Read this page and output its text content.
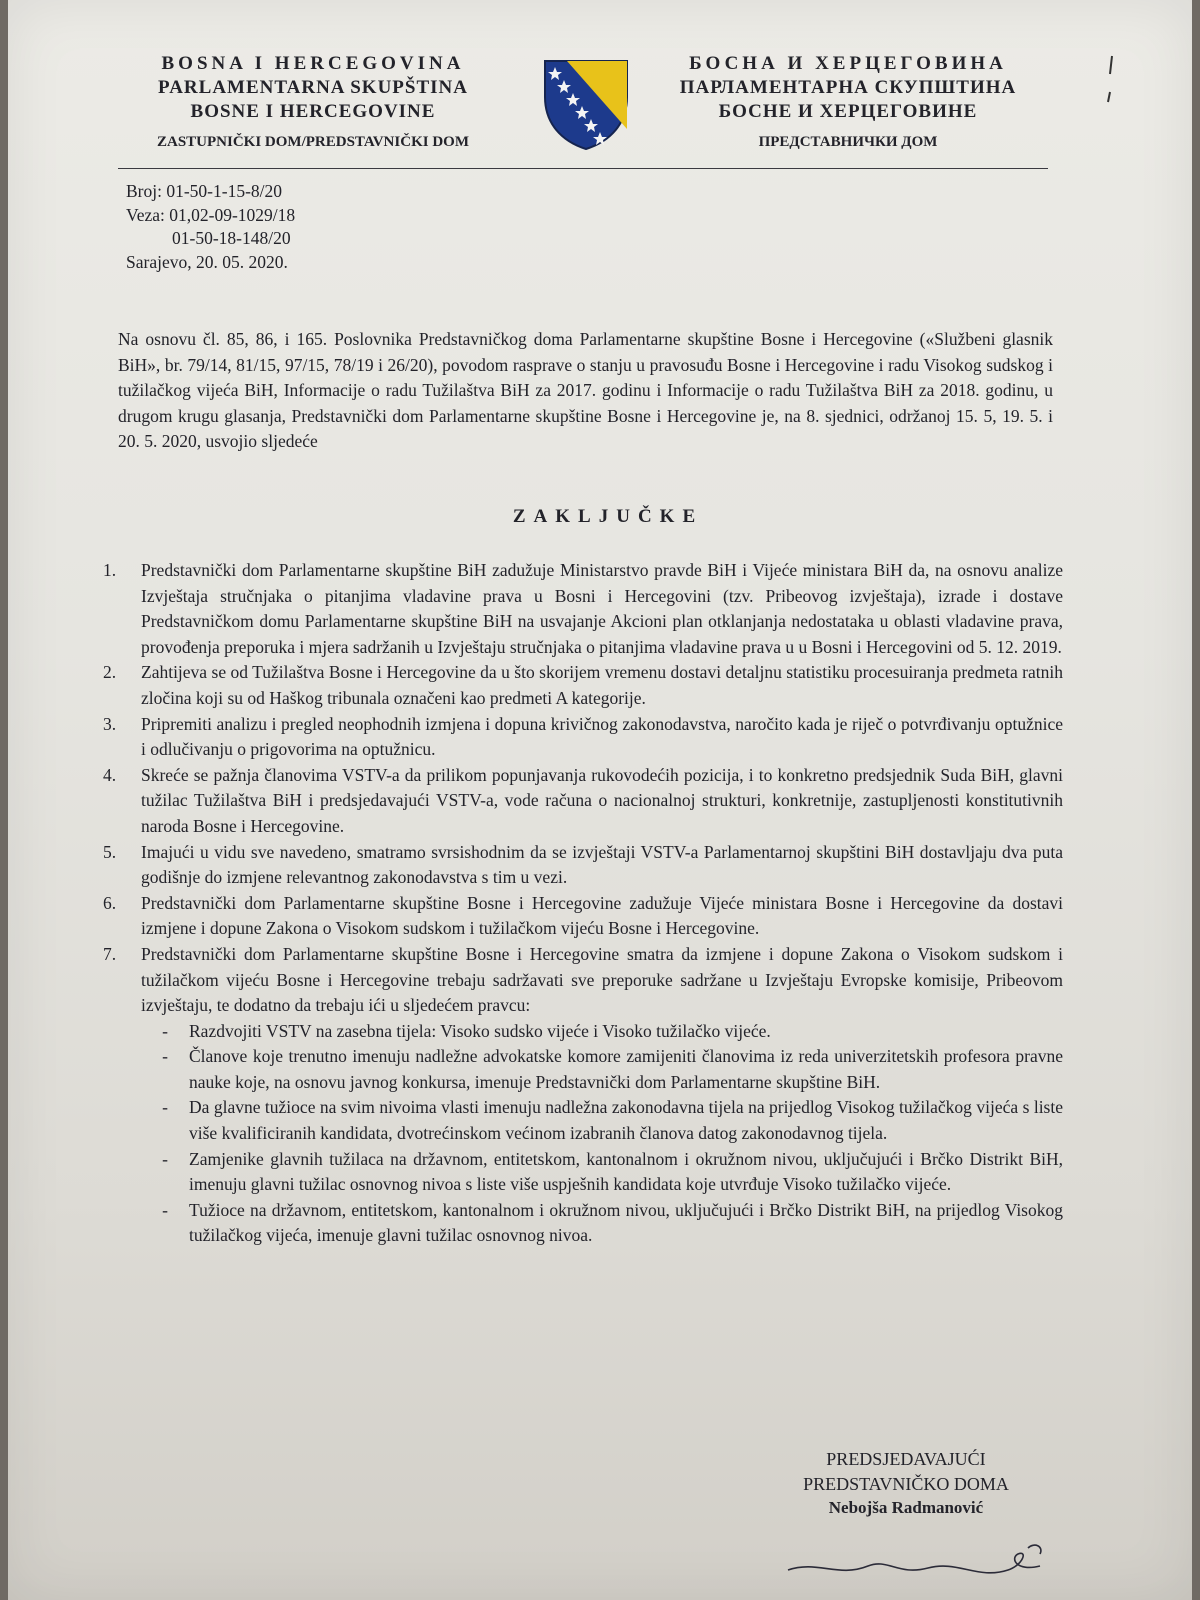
BOSNA I HERCEGOVINA
PARLAMENTARNA SKUPŠTINA
BOSNE I HERCEGOVINE
ZASTUPNIČKI DOM/PREDSTAVNIČKI DOM
БОСНА И ХЕРЦЕГОВИНА
ПАРЛАМЕНТАРНА СКУПШТИНА
БОСНЕ И ХЕРЦЕГОВИНЕ
ПРЕДСТАВНИЧКИ ДОМ
Broj: 01-50-1-15-8/20
Veza: 01,02-09-1029/18
01-50-18-148/20
Sarajevo, 20. 05. 2020.
Na osnovu čl. 85, 86, i 165. Poslovnika Predstavničkog doma Parlamentarne skupštine Bosne i Hercegovine («Službeni glasnik BiH», br. 79/14, 81/15, 97/15, 78/19 i 26/20), povodom rasprave o stanju u pravosuđu Bosne i Hercegovine i radu Visokog sudskog i tužilačkog vijeća BiH, Informacije o radu Tužilaštva BiH za 2017. godinu i Informacije o radu Tužilaštva BiH za 2018. godinu, u drugom krugu glasanja, Predstavnički dom Parlamentarne skupštine Bosne i Hercegovine je, na 8. sjednici, održanoj 15. 5, 19. 5. i 20. 5. 2020, usvojio sljedeće
ZAKLJUČKE
1.	Predstavnički dom Parlamentarne skupštine BiH zadužuje Ministarstvo pravde BiH i Vijeće ministara BiH da, na osnovu analize Izvještaja stručnjaka o pitanjima vladavine prava u Bosni i Hercegovini (tzv. Pribeovog izvještaja), izrade i dostave Predstavničkom domu Parlamentarne skupštine BiH na usvajanje Akcioni plan otklanjanja nedostataka u oblasti vladavine prava, provođenja preporuka i mjera sadržanih u Izvještaju stručnjaka o pitanjima vladavine prava u u Bosni i Hercegovini od 5. 12. 2019.
2.	Zahtijeva se od Tužilaštva Bosne i Hercegovine da u što skorijem vremenu dostavi detaljnu statistiku procesuiranja predmeta ratnih zločina koji su od Haškog tribunala označeni kao predmeti A kategorije.
3.	Pripremiti analizu i pregled neophodnih izmjena i dopuna krivičnog zakonodavstva, naročito kada je riječ o potvrđivanju optužnice i odlučivanju o prigovorima na optužnicu.
4.	Skreće se pažnja članovima VSTV-a da prilikom popunjavanja rukovodećih pozicija, i to konkretno predsjednik Suda BiH, glavni tužilac Tužilaštva BiH i predsjedavajući VSTV-a, vode računa o nacionalnoj strukturi, konkretnije, zastupljenosti konstitutivnih naroda Bosne i Hercegovine.
5.	Imajući u vidu sve navedeno, smatramo svrsishodnim da se izvještaji VSTV-a Parlamentarnoj skupštini BiH dostavljaju dva puta godišnje do izmjene relevantnog zakonodavstva s tim u vezi.
6.	Predstavnički dom Parlamentarne skupštine Bosne i Hercegovine zadužuje Vijeće ministara Bosne i Hercegovine da dostavi izmjene i dopune Zakona o Visokom sudskom i tužilačkom vijeću Bosne i Hercegovine.
7.	Predstavnički dom Parlamentarne skupštine Bosne i Hercegovine smatra da izmjene i dopune Zakona o Visokom sudskom i tužilačkom vijeću Bosne i Hercegovine trebaju sadržavati sve preporuke sadržane u Izvještaju Evropske komisije, Pribeovom izvještaju, te dodatno da trebaju ići u sljedećem pravcu:
-	Razdvojiti VSTV na zasebna tijela: Visoko sudsko vijeće i Visoko tužilačko vijeće.
-	Članove koje trenutno imenuju nadležne advokatske komore zamijeniti članovima iz reda univerzitetskih profesora pravne nauke koje, na osnovu javnog konkursa, imenuje Predstavnički dom Parlamentarne skupštine BiH.
-	Da glavne tužioce na svim nivoima vlasti imenuju nadležna zakonodavna tijela na prijedlog Visokog tužilačkog vijeća s liste više kvalificiranih kandidata, dvotrećinskom većinom izabranih članova datog zakonodavnog tijela.
-	Zamjenike glavnih tužilaca na državnom, entitetskom, kantonalnom i okružnom nivou, uključujući i Brčko Distrikt BiH, imenuju glavni tužilac osnovnog nivoa s liste više uspješnih kandidata koje utvrđuje Visoko tužilačko vijeće.
-	Tužioce na državnom, entitetskom, kantonalnom i okružnom nivou, uključujući i Brčko Distrikt BiH, na prijedlog Visokog tužilačkog vijeća, imenuje glavni tužilac osnovnog nivoa.
PREDSJEDAVAJUĆI
PREDSTAVNIČKO DOMA
Nebojša Radmanović
